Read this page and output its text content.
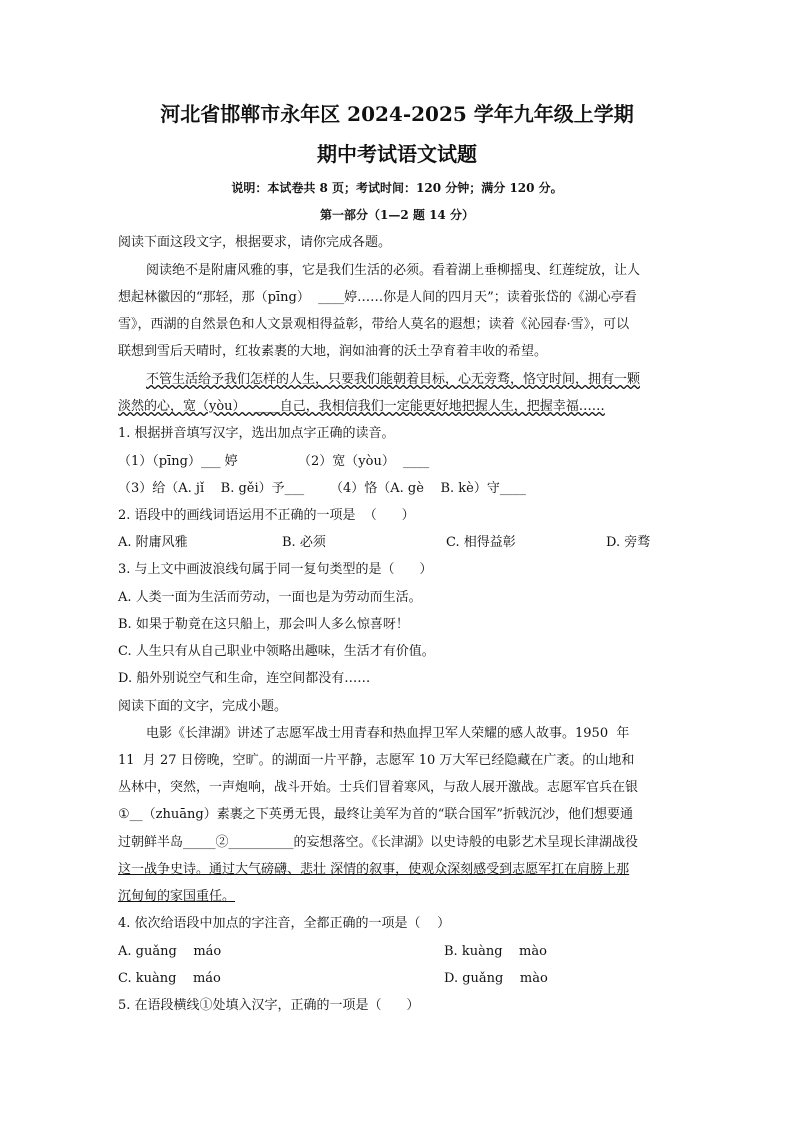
河北省邯郸市永年区 2024-2025 学年九年级上学期
期中考试语文试题
说明：本试卷共 8 页；考试时间：120 分钟；满分 120 分。
第一部分（1—2 题 14 分）
阅读下面这段文字，根据要求，请你完成各题。
阅读绝不是附庸风雅的事，它是我们生活的必须。看着湖上垂柳摇曳、红莲绽放，让人
想起林徽因的“那轻，那（pīng）  ____婷……你是人间的四月天”；读着张岱的《湖心亭看
雪》，西湖的自然景色和人文景观相得益彰，带给人莫名的遐想；读着《沁园春·雪》，可以
联想到雪后天晴时，红妆素裹的大地，润如油膏的沃土孕育着丰收的希望。
不管生活给予我们怎样的人生，只要我们能朝着目标，心无旁骛，恪守时间，拥有一颗
淡然的心，宽（yòu）  ____自己，我相信我们一定能更好地把握人生，把握幸福……
1. 根据拼音填写汉字，选出加点字正确的读音。
（1）（pīng）___ 婷	（2）宽（yòu）  ____
（3）给（A. jǐ    B. gěi）予___ （4）恪（A. gè    B. kè）守____
2. 语段中的画线词语运用不正确的一项是  （      ）
A. 附庸风雅	B. 必须	C. 相得益彰	D. 旁骛
3. 与上文中画波浪线句属于同一复句类型的是（      ）
A. 人类一面为生活而劳动，一面也是为劳动而生活。
B. 如果于勒竟在这只船上，那会叫人多么惊喜呀！
C. 人生只有从自己职业中领略出趣味，生活才有价值。
D. 船外别说空气和生命，连空间都没有……
阅读下面的文字，完成小题。
电影《长津湖》讲述了志愿军战士用青春和热血捍卫军人荣耀的感人故事。1950  年
11  月 27 日傍晚，空旷。的湖面一片平静，志愿军 10 万大军已经隐藏在广袤。的山地和
丛林中，突然，一声炮响，战斗开始。士兵们冒着寒风，与敌人展开激战。志愿军官兵在银
①__（zhuāng）素裹之下英勇无畏，最终让美军为首的“联合国军”折戟沉沙，他们想要通
过朝鲜半岛_____②__________的妄想落空。《长津湖》以史诗般的电影艺术呈现长津湖战役
这一战争史诗。通过大气磅礴、悲壮 深情的叙事，使观众深刻感受到志愿军扛在肩膀上那
沉甸甸的家国重任。
4. 依次给语段中加点的字注音，全都正确的一项是（    ）
A. guǎng    máo	B. kuàng    mào
C. kuàng    máo	D. guǎng    mào
5. 在语段横线①处填入汉字，正确的一项是（      ）
